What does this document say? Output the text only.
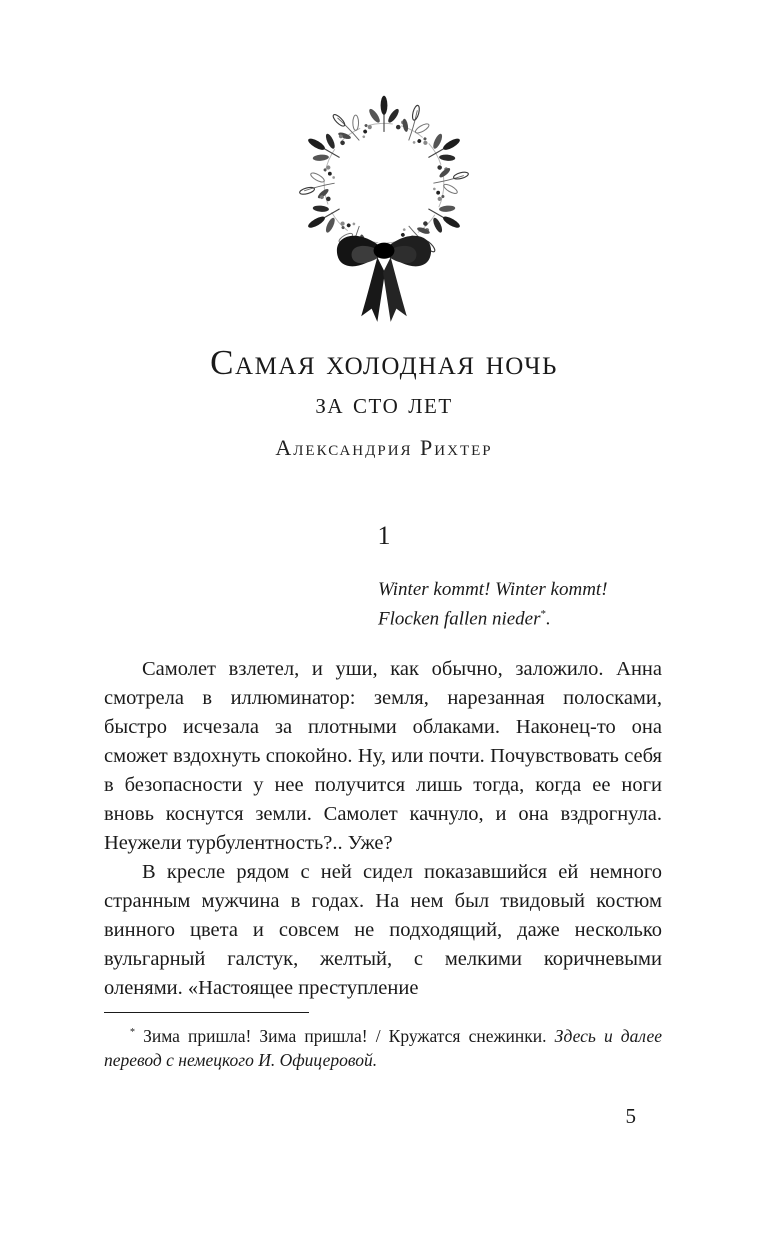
Самая холодная ночь
за сто лет
Александрия Рихтер
1
Winter kommt! Winter kommt!
Flocken fallen nieder*.

Самолет взлетел, и уши, как обычно, заложило. Анна смотрела в иллюминатор: земля, нарезанная полосками, быстро исчезала за плотными облаками. Наконец-то она сможет вздохнуть спокойно. Ну, или почти. Почувствовать себя в безопасности у нее получится лишь тогда, когда ее ноги вновь коснутся земли. Самолет качнуло, и она вздрогнула. Неужели турбулентность?.. Уже?

В кресле рядом с ней сидел показавшийся ей немного странным мужчина в годах. На нем был твидовый костюм винного цвета и совсем не подходящий, даже несколько вульгарный галстук, желтый, с мелкими коричневыми оленями. «Настоящее преступление

* Зима пришла! Зима пришла! / Кружатся снежинки. Здесь и далее перевод с немецкого И. Офицеровой.

5
